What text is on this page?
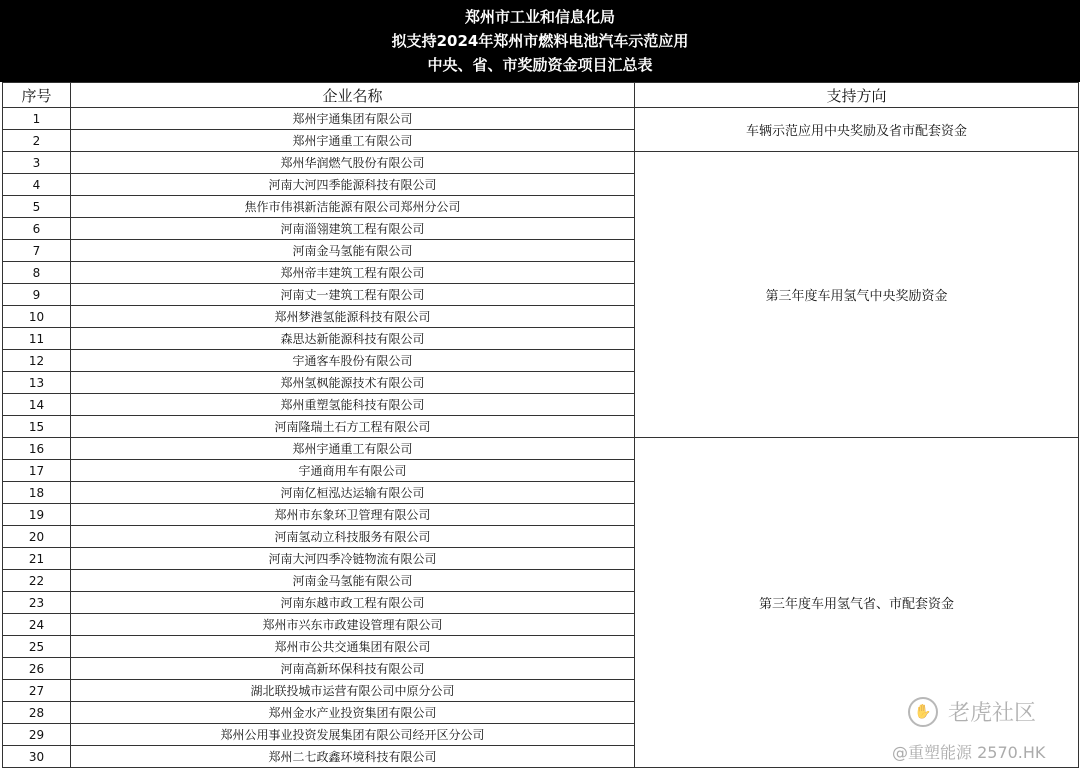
郑州市工业和信息化局
拟支持2024年郑州市燃料电池汽车示范应用
中央、省、市奖励资金项目汇总表
序号	企业名称	支持方向
1	郑州宇通集团有限公司	车辆示范应用中央奖励及省市配套资金
2	郑州宇通重工有限公司	
3	郑州华润燃气股份有限公司	第三年度车用氢气中央奖励资金
4	河南大河四季能源科技有限公司	
5	焦作市伟祺新洁能源有限公司郑州分公司	
6	河南淄翎建筑工程有限公司	
7	河南金马氢能有限公司	
8	郑州帝丰建筑工程有限公司	
9	河南丈一建筑工程有限公司	
10	郑州梦港氢能源科技有限公司	
11	森思达新能源科技有限公司	
12	宇通客车股份有限公司	
13	郑州氢枫能源技术有限公司	
14	郑州重塑氢能科技有限公司	
15	河南隆瑞土石方工程有限公司	
16	郑州宇通重工有限公司	第三年度车用氢气省、市配套资金
17	宇通商用车有限公司	
18	河南亿桓泓达运输有限公司	
19	郑州市东象环卫管理有限公司	
20	河南氢动立科技服务有限公司	
21	河南大河四季冷链物流有限公司	
22	河南金马氢能有限公司	
23	河南东越市政工程有限公司	
24	郑州市兴东市政建设管理有限公司	
25	郑州市公共交通集团有限公司	
26	河南高新环保科技有限公司	
27	湖北联投城市运营有限公司中原分公司	
28	郑州金水产业投资集团有限公司	
29	郑州公用事业投资发展集团有限公司经开区分公司	
30	郑州二七政鑫环境科技有限公司	
✋ 老虎社区
@重塑能源 2570.HK
